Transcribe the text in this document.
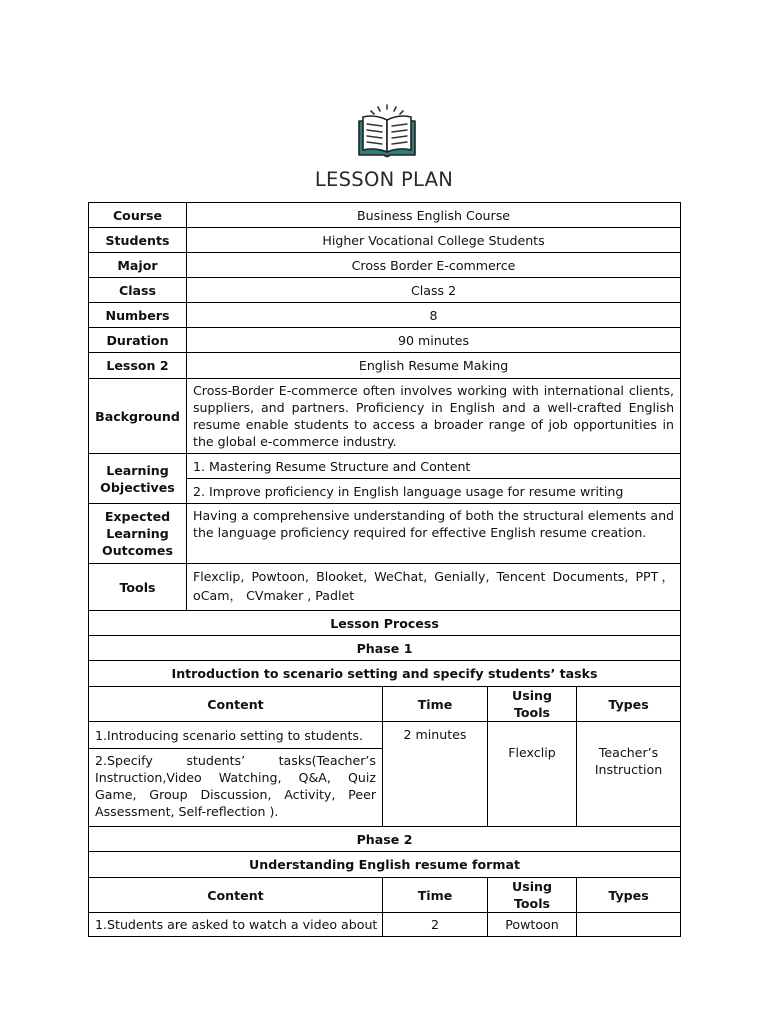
LESSON PLAN
Course	Business English Course			
Students	Higher Vocational College Students			
Major	Cross Border E-commerce			
Class	Class 2			
Numbers	8			
Duration	90 minutes			
Lesson 2	English Resume Making			
Background	Cross-Border E-commerce often involves working with international clients, suppliers, and partners. Proficiency in English and a well-crafted English resume enable students to access a broader range of job opportunities in the global e-commerce industry.			
Learning Objectives	1. Mastering Resume Structure and Content			
	2. Improve proficiency in English language usage for resume writing			
Expected Learning Outcomes	Having a comprehensive understanding of both the structural elements and the language proficiency required for effective English resume creation.			
Tools	Flexclip, Powtoon, Blooket, WeChat, Genially, Tencent Documents, PPT，oCam， CVmaker , Padlet			
Lesson Process				
Phase 1				
Introduction to scenario setting and specify students’ tasks				
Content		Time	Using Tools	Types
1.Introducing scenario setting to students.		2 minutes	Flexclip	Teacher’s Instruction
2.Specify students’ tasks(Teacher’s Instruction,Video Watching, Q&A, Quiz Game, Group Discussion, Activity, Peer Assessment, Self-reflection ).				
Phase 2				
Understanding English resume format				
Content		Time	Using Tools	Types
1.Students are asked to watch a video about		2	Powtoon	
